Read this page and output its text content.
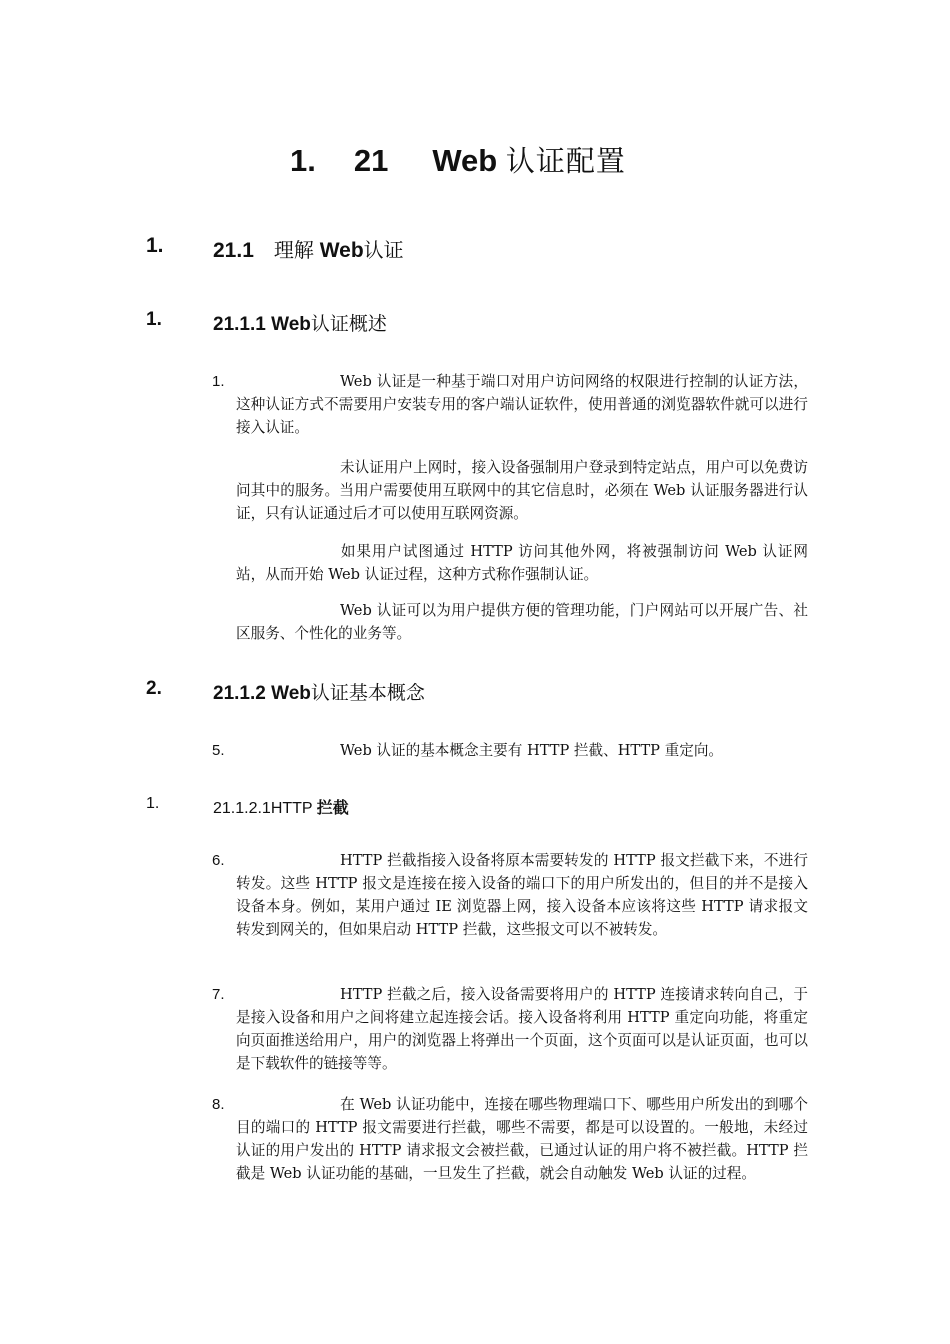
1. 21 Web 认证配置
1. 21.1 理解 Web认证
1.	21.1.1 Web认证概述
1.	Web 认证是一种基于端口对用户访问网络的权限进行控制的认证方法，这种认证方式不需要用户安装专用的客户端认证软件，使用普通的浏览器软件就可以进行接入认证。
未认证用户上网时，接入设备强制用户登录到特定站点，用户可以免费访问其中的服务。当用户需要使用互联网中的其它信息时，必须在 Web 认证服务器进行认证，只有认证通过后才可以使用互联网资源。
如果用户试图通过 HTTP 访问其他外网，将被强制访问 Web 认证网站，从而开始 Web 认证过程，这种方式称作强制认证。
Web 认证可以为用户提供方便的管理功能，门户网站可以开展广告、社区服务、个性化的业务等。
2.	21.1.2 Web认证基本概念
5.	Web 认证的基本概念主要有 HTTP 拦截、HTTP 重定向。
1.	21.1.2.1HTTP 拦截
6.	HTTP 拦截指接入设备将原本需要转发的 HTTP 报文拦截下来，不进行转发。这些 HTTP 报文是连接在接入设备的端口下的用户所发出的，但目的并不是接入设备本身。例如，某用户通过 IE 浏览器上网，接入设备本应该将这些 HTTP 请求报文转发到网关的，但如果启动 HTTP 拦截，这些报文可以不被转发。
7.	HTTP 拦截之后，接入设备需要将用户的 HTTP 连接请求转向自己，于是接入设备和用户之间将建立起连接会话。接入设备将利用 HTTP 重定向功能，将重定向页面推送给用户，用户的浏览器上将弹出一个页面，这个页面可以是认证页面，也可以是下载软件的链接等等。
8.	在 Web 认证功能中，连接在哪些物理端口下、哪些用户所发出的到哪个目的端口的 HTTP 报文需要进行拦截，哪些不需要，都是可以设置的。一般地，未经过认证的用户发出的 HTTP 请求报文会被拦截，已通过认证的用户将不被拦截。HTTP 拦截是 Web 认证功能的基础，一旦发生了拦截，就会自动触发 Web 认证的过程。
